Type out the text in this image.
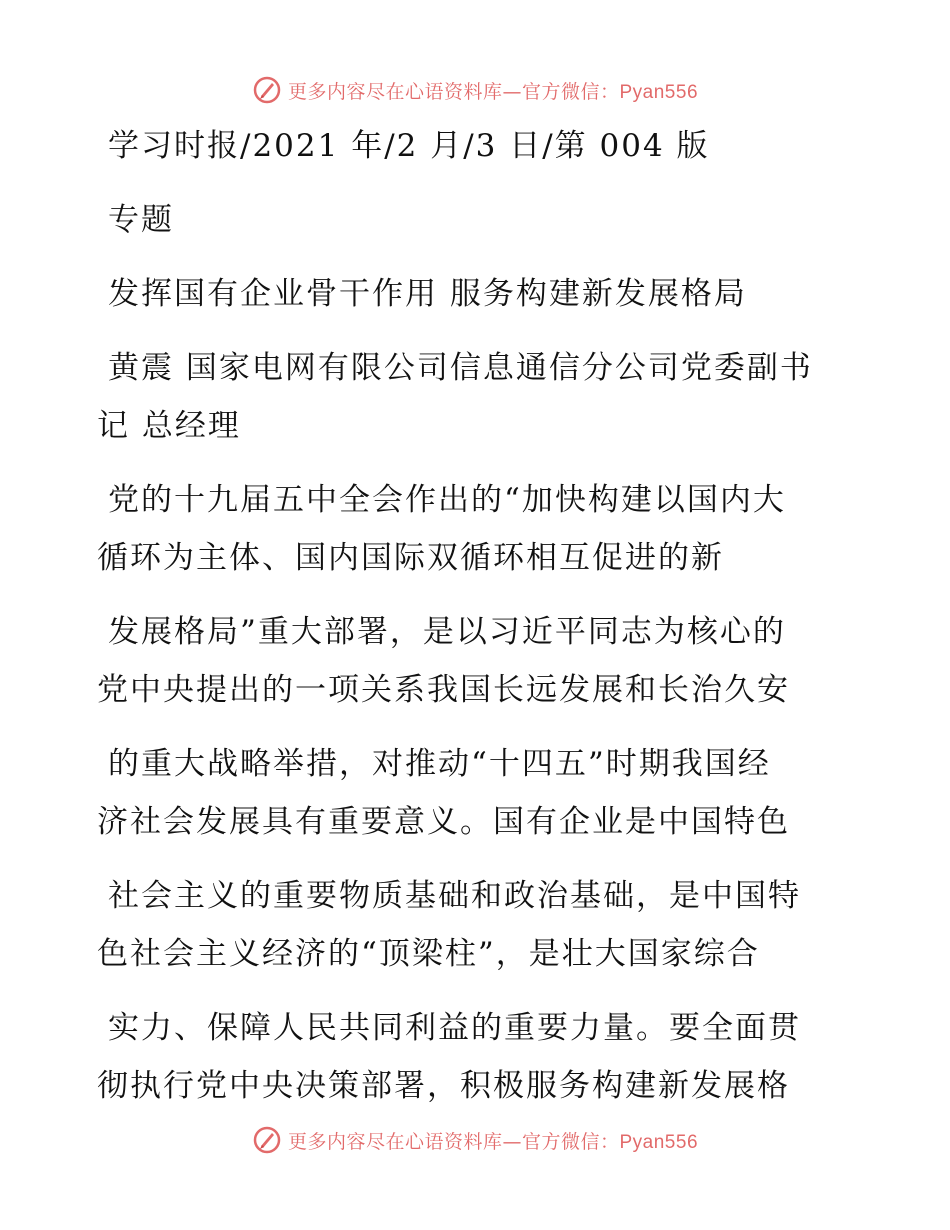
更多内容尽在心语资料库—官方微信：Pyan556
学习时报/2021 年/2 月/3 日/第 004 版
专题
发挥国有企业骨干作用 服务构建新发展格局
黄震 国家电网有限公司信息通信分公司党委副书
记 总经理
党的十九届五中全会作出的“加快构建以国内大
循环为主体、国内国际双循环相互促进的新
发展格局”重大部署，是以习近平同志为核心的
党中央提出的一项关系我国长远发展和长治久安
的重大战略举措，对推动“十四五”时期我国经
济社会发展具有重要意义。国有企业是中国特色
社会主义的重要物质基础和政治基础，是中国特
色社会主义经济的“顶梁柱”，是壮大国家综合
实力、保障人民共同利益的重要力量。要全面贯
彻执行党中央决策部署，积极服务构建新发展格
更多内容尽在心语资料库—官方微信：Pyan556
